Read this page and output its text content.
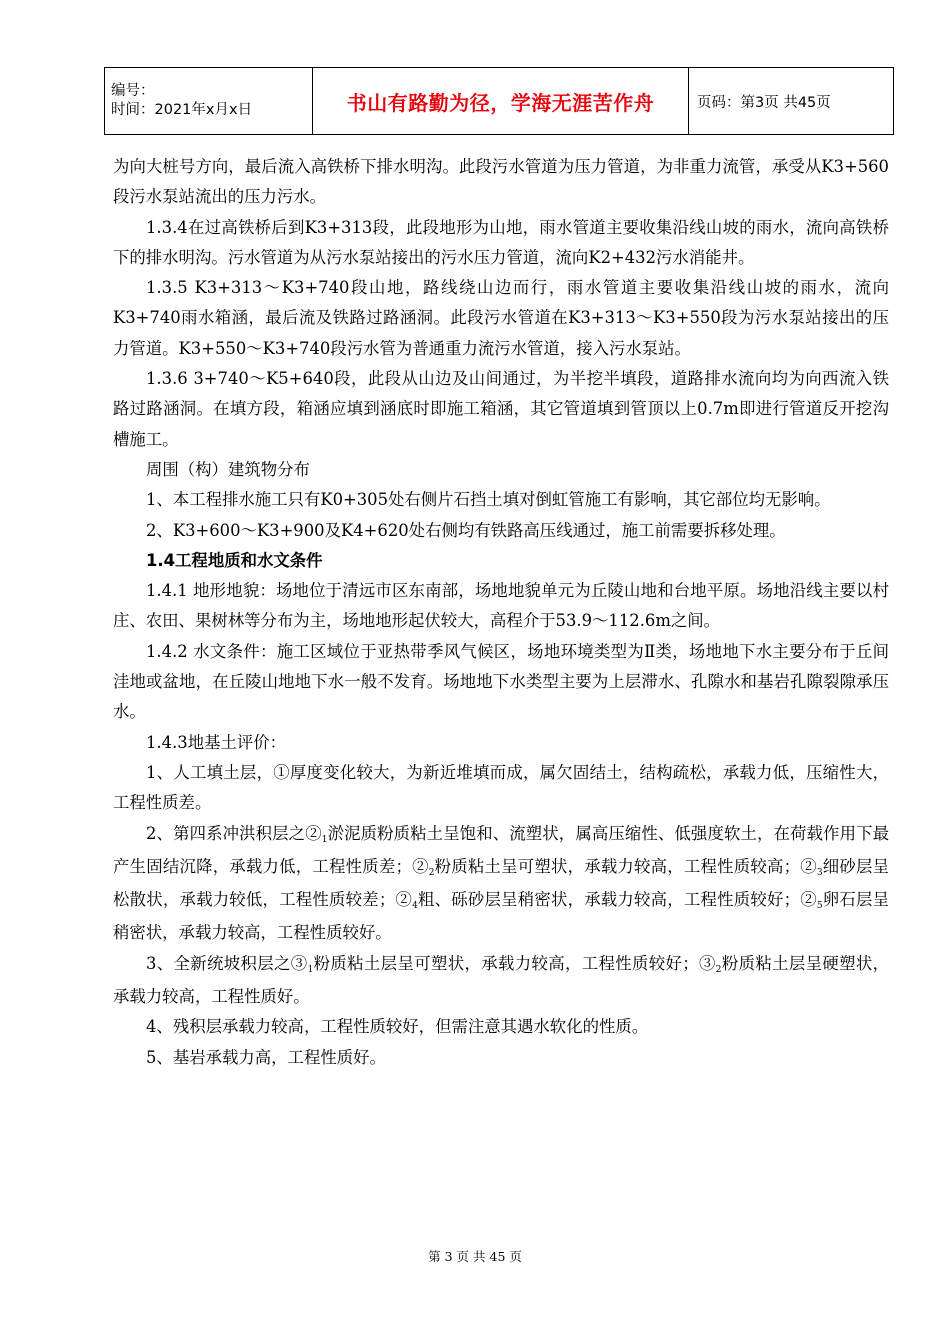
编号：
时间：2021年x月x日	书山有路勤为径，学海无涯苦作舟	页码：第3页 共45页

为向大桩号方向，最后流入高铁桥下排水明沟。此段污水管道为压力管道，为非重力流管，承受从K3+560段污水泵站流出的压力污水。

1.3.4在过高铁桥后到K3+313段，此段地形为山地，雨水管道主要收集沿线山坡的雨水，流向高铁桥下的排水明沟。污水管道为从污水泵站接出的污水压力管道，流向K2+432污水消能井。

1.3.5 K3+313～K3+740段山地，路线绕山边而行，雨水管道主要收集沿线山坡的雨水，流向K3+740雨水箱涵，最后流及铁路过路涵洞。此段污水管道在K3+313～K3+550段为污水泵站接出的压力管道。K3+550～K3+740段污水管为普通重力流污水管道，接入污水泵站。

1.3.6 3+740～K5+640段，此段从山边及山间通过，为半挖半填段，道路排水流向均为向西流入铁路过路涵洞。在填方段，箱涵应填到涵底时即施工箱涵，其它管道填到管顶以上0.7m即进行管道反开挖沟槽施工。

周围（构）建筑物分布

1、本工程排水施工只有K0+305处右侧片石挡土填对倒虹管施工有影响，其它部位均无影响。

2、K3+600～K3+900及K4+620处右侧均有铁路高压线通过，施工前需要拆移处理。

1.4工程地质和水文条件

1.4.1 地形地貌：场地位于清远市区东南部，场地地貌单元为丘陵山地和台地平原。场地沿线主要以村庄、农田、果树林等分布为主，场地地形起伏较大，高程介于53.9～112.6m之间。

1.4.2 水文条件：施工区域位于亚热带季风气候区，场地环境类型为Ⅱ类，场地地下水主要分布于丘间洼地或盆地，在丘陵山地地下水一般不发育。场地地下水类型主要为上层滞水、孔隙水和基岩孔隙裂隙承压水。

1.4.3地基土评价：

1、人工填土层，①厚度变化较大，为新近堆填而成，属欠固结土，结构疏松，承载力低，压缩性大，工程性质差。

2、第四系冲洪积层之②1淤泥质粉质粘土呈饱和、流塑状，属高压缩性、低强度软土，在荷载作用下最产生固结沉降，承载力低，工程性质差；②2粉质粘土呈可塑状，承载力较高，工程性质较高；②3细砂层呈松散状，承载力较低，工程性质较差；②4粗、砾砂层呈稍密状，承载力较高，工程性质较好；②5卵石层呈稍密状，承载力较高，工程性质较好。

3、全新统坡积层之③1粉质粘土层呈可塑状，承载力较高，工程性质较好；③2粉质粘土层呈硬塑状，承载力较高，工程性质好。

4、残积层承载力较高，工程性质较好，但需注意其遇水软化的性质。

5、基岩承载力高，工程性质好。

第 3 页 共 45 页
